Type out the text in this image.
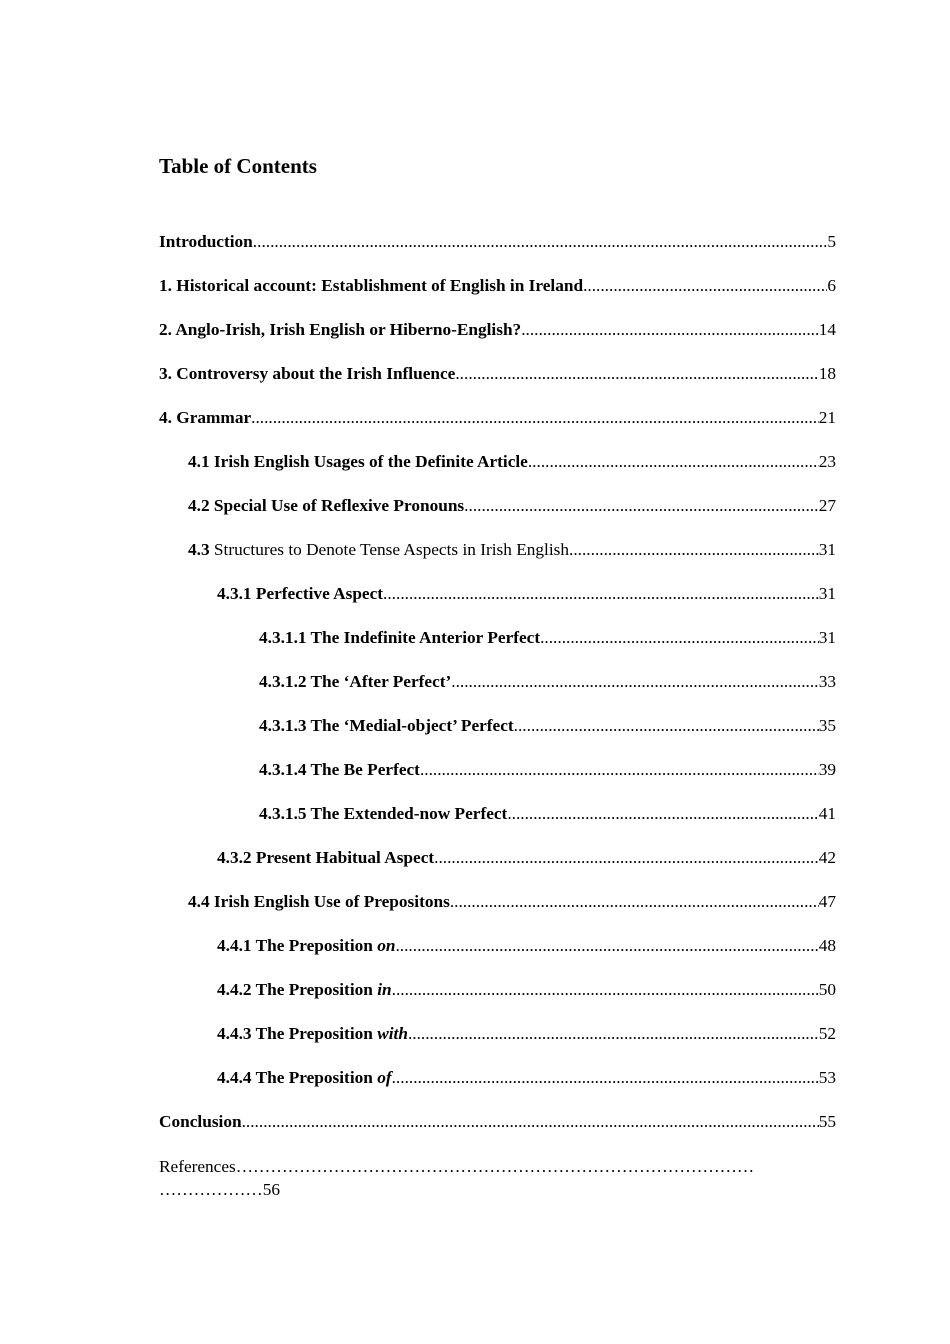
Table of Contents
Introduction .....	5
1. Historical account: Establishment of English in Ireland .....	6
2. Anglo-Irish, Irish English or Hiberno-English? .....	14
3. Controversy about the Irish Influence .....	18
4. Grammar .....	21
4.1 Irish English Usages of the Definite Article .....	23
4.2 Special Use of Reflexive Pronouns .....	27
4.3 Structures to Denote Tense Aspects in Irish English .....	31
4.3.1 Perfective Aspect .....	31
4.3.1.1 The Indefinite Anterior Perfect .....	31
4.3.1.2 The ‘After Perfect’ .....	33
4.3.1.3 The ‘Medial-object’ Perfect .....	35
4.3.1.4 The Be Perfect .....	39
4.3.1.5 The Extended-now Perfect .....	41
4.3.2 Present Habitual Aspect .....	42
4.4 Irish English Use of Prepositons .....	47
4.4.1 The Preposition on .....	48
4.4.2 The Preposition in .....	50
4.4.3 The Preposition with .....	52
4.4.4 The Preposition of .....	53
Conclusion .....	55
References………………………………………………………………………………
………………56
